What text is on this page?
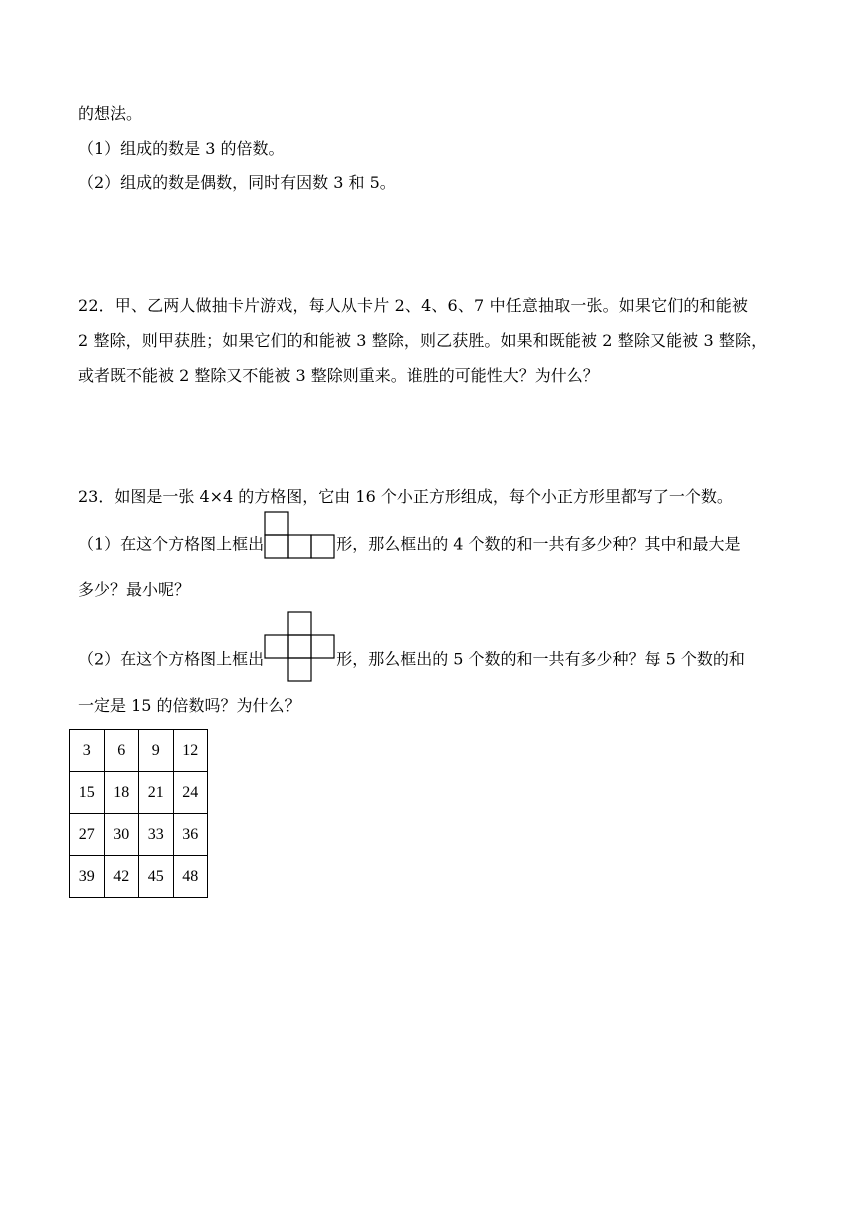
的想法。
（1）组成的数是 3 的倍数。
（2）组成的数是偶数，同时有因数 3 和 5。
22．甲、乙两人做抽卡片游戏，每人从卡片 2、4、6、7 中任意抽取一张。如果它们的和能被
2 整除，则甲获胜；如果它们的和能被 3 整除，则乙获胜。如果和既能被 2 整除又能被 3 整除，
或者既不能被 2 整除又不能被 3 整除则重来。谁胜的可能性大？为什么？
23．如图是一张 4×4 的方格图，它由 16 个小正方形组成，每个小正方形里都写了一个数。
（1）在这个方格图上框出	形，那么框出的 4 个数的和一共有多少种？其中和最大是
多少？最小呢？
（2）在这个方格图上框出	形，那么框出的 5 个数的和一共有多少种？每 5 个数的和
一定是 15 的倍数吗？为什么？
3	6	9	12
15	18	21	24
27	30	33	36
39	42	45	48
